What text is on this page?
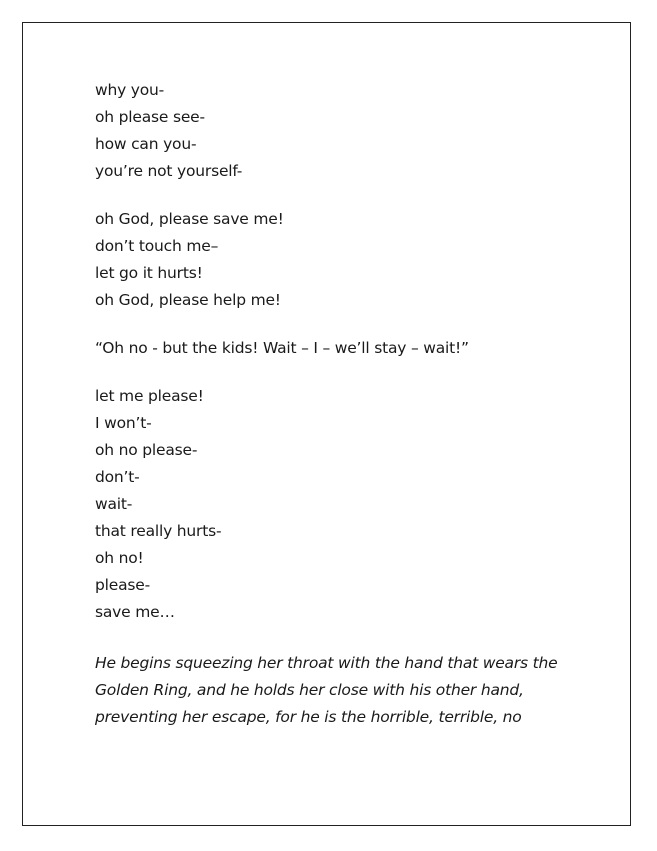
why you-
oh please see-
how can you-
you’re not yourself-
oh God, please save me!
don’t touch me–
let go it hurts!
oh God, please help me!
“Oh no - but the kids! Wait – I – we’ll stay – wait!”
let me please!
I won’t-
oh no please-
don’t-
wait-
that really hurts-
oh no!
please-
save me…
He begins squeezing her throat with the hand that wears the
Golden Ring, and he holds her close with his other hand,
preventing her escape, for he is the horrible, terrible, no
